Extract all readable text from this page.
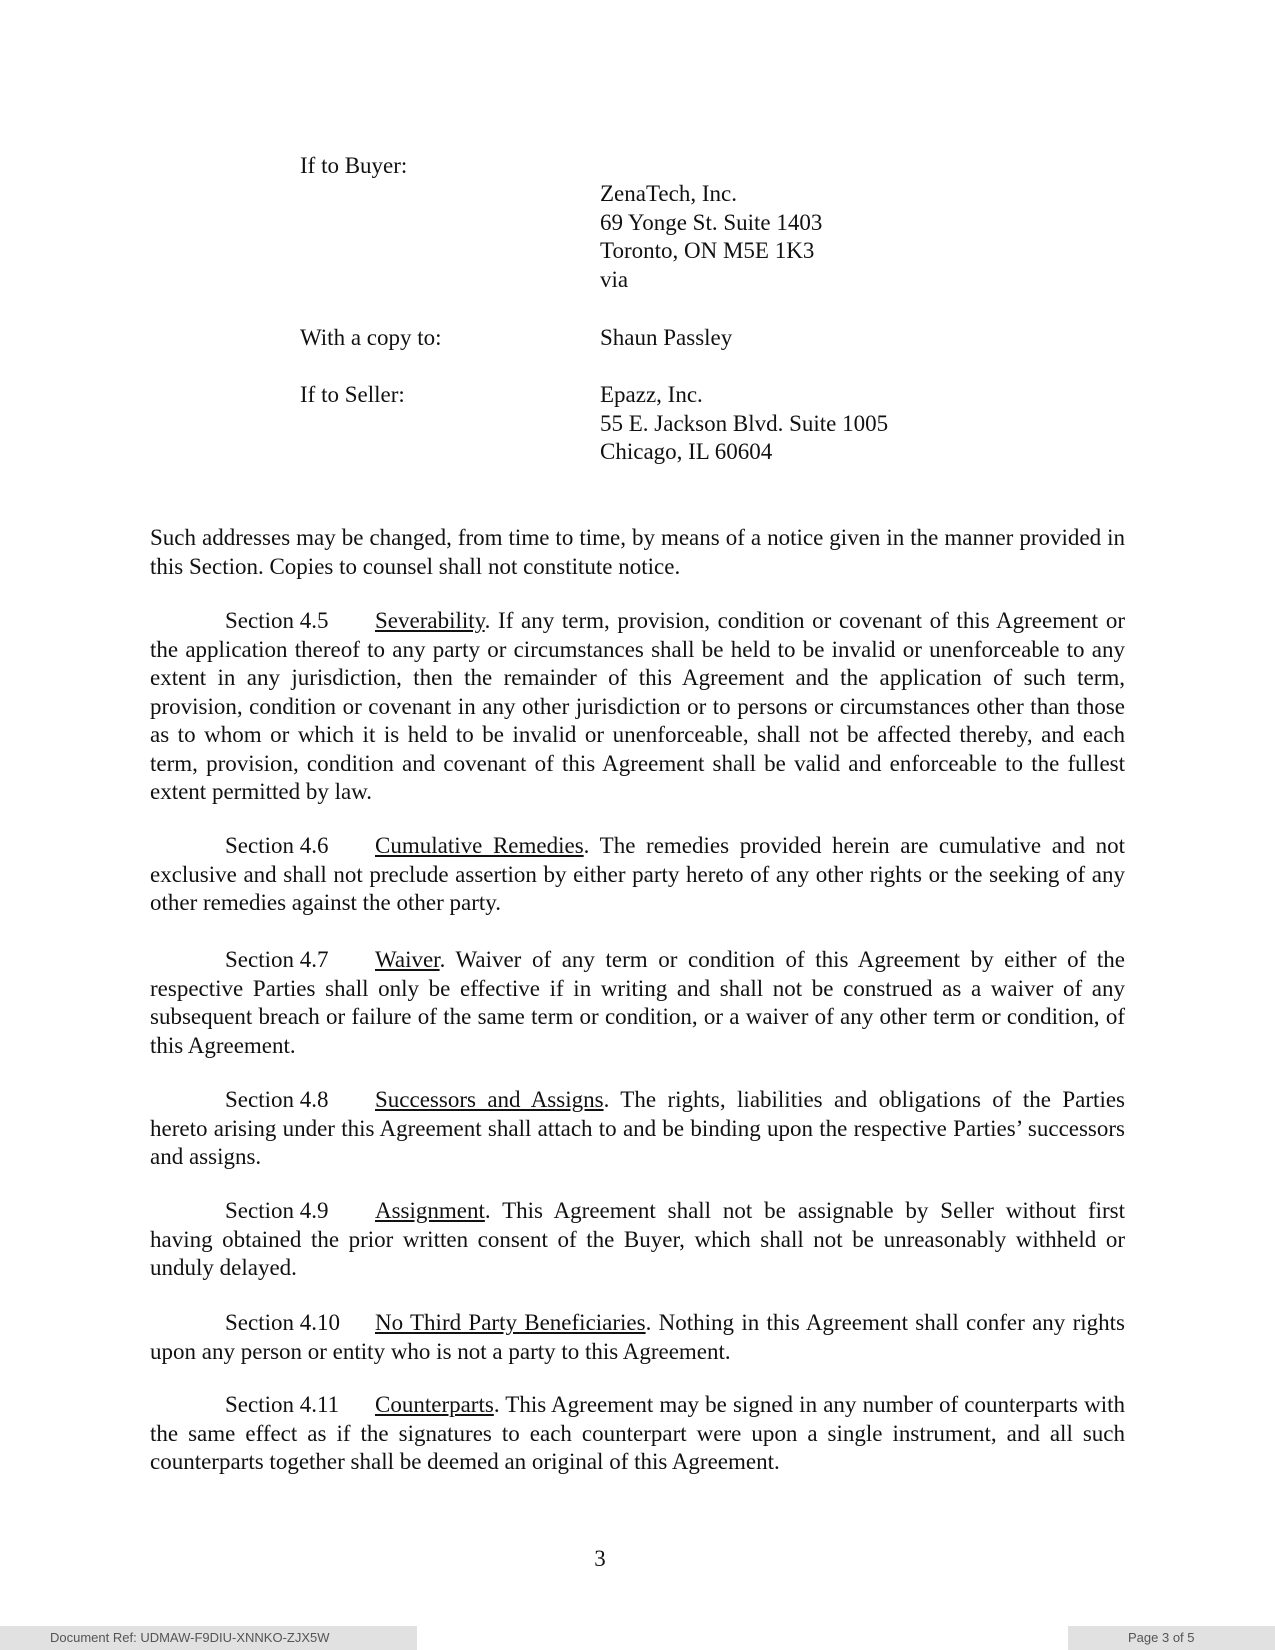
If to Buyer:
ZenaTech, Inc.
69 Yonge St. Suite 1403
Toronto, ON M5E 1K3
via
With a copy to:	Shaun Passley
If to Seller:	Epazz, Inc.
55 E. Jackson Blvd. Suite 1005
Chicago, IL 60604
Such addresses may be changed, from time to time, by means of a notice given in the manner provided in this Section. Copies to counsel shall not constitute notice.
Section 4.5 Severability. If any term, provision, condition or covenant of this Agreement or the application thereof to any party or circumstances shall be held to be invalid or unenforceable to any extent in any jurisdiction, then the remainder of this Agreement and the application of such term, provision, condition or covenant in any other jurisdiction or to persons or circumstances other than those as to whom or which it is held to be invalid or unenforceable, shall not be affected thereby, and each term, provision, condition and covenant of this Agreement shall be valid and enforceable to the fullest extent permitted by law.
Section 4.6 Cumulative Remedies. The remedies provided herein are cumulative and not exclusive and shall not preclude assertion by either party hereto of any other rights or the seeking of any other remedies against the other party.
Section 4.7 Waiver. Waiver of any term or condition of this Agreement by either of the respective Parties shall only be effective if in writing and shall not be construed as a waiver of any subsequent breach or failure of the same term or condition, or a waiver of any other term or condition, of this Agreement.
Section 4.8 Successors and Assigns. The rights, liabilities and obligations of the Parties hereto arising under this Agreement shall attach to and be binding upon the respective Parties’ successors and assigns.
Section 4.9 Assignment. This Agreement shall not be assignable by Seller without first having obtained the prior written consent of the Buyer, which shall not be unreasonably withheld or unduly delayed.
Section 4.10 No Third Party Beneficiaries. Nothing in this Agreement shall confer any rights upon any person or entity who is not a party to this Agreement.
Section 4.11 Counterparts. This Agreement may be signed in any number of counterparts with the same effect as if the signatures to each counterpart were upon a single instrument, and all such counterparts together shall be deemed an original of this Agreement.
3
Document Ref: UDMAW-F9DIU-XNNKO-ZJX5W	Page 3 of 5
